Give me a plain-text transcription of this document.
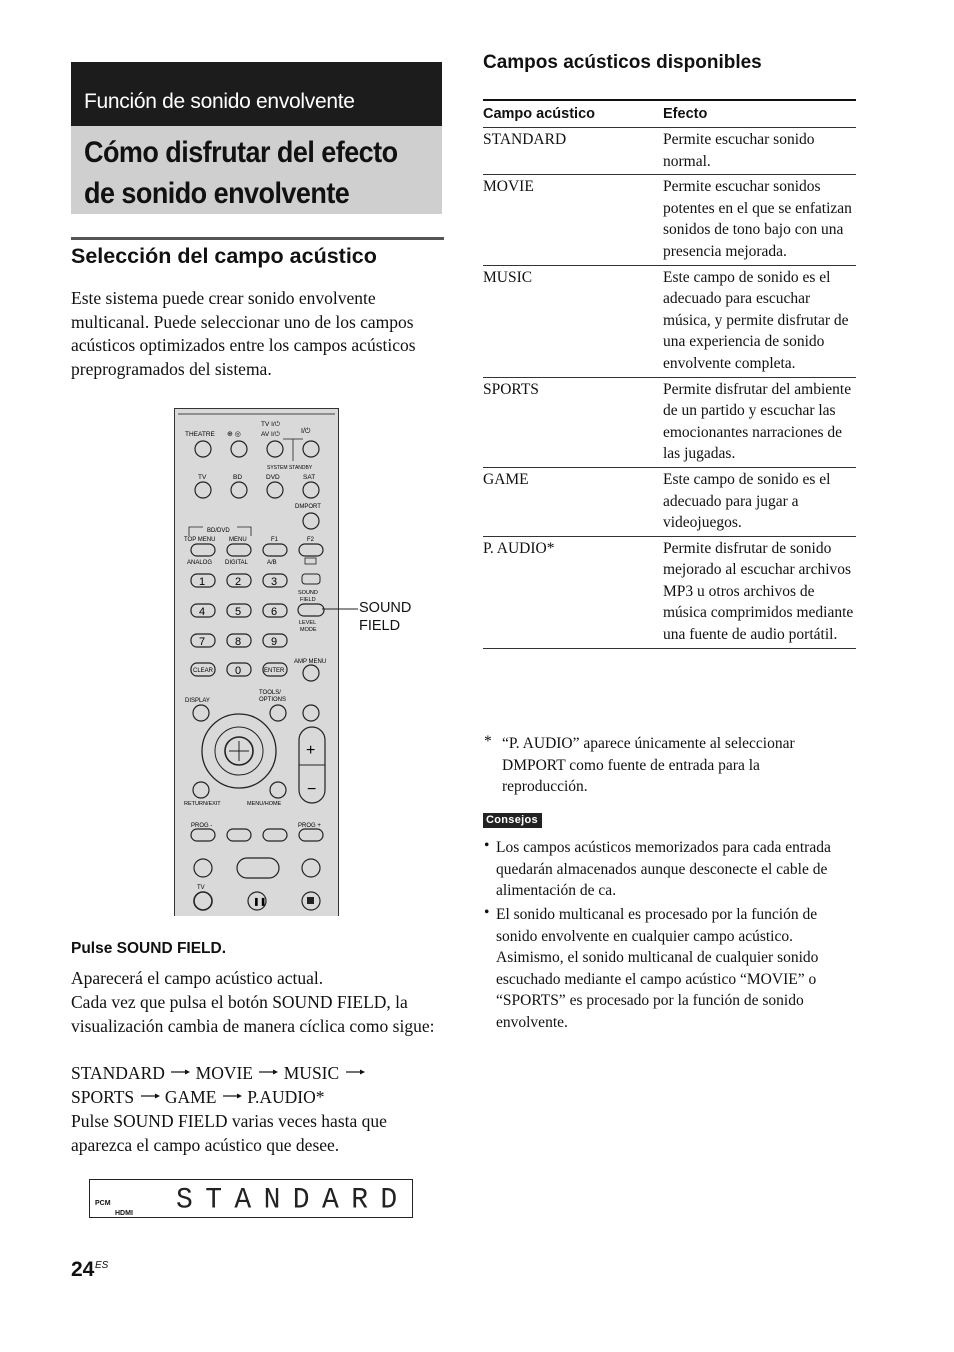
Función de sonido envolvente
Cómo disfrutar del efecto de sonido envolvente
Selección del campo acústico
Este sistema puede crear sonido envolvente multicanal. Puede seleccionar uno de los campos acústicos optimizados entre los campos acústicos preprogramados del sistema.
THEATRE ⊕ ◎
TV I/⏻
AV I/⏻	I/⏻
SYSTEM STANDBY
TV	BD	DVD	SAT
DMPORT
BD/DVD
TOP MENU MENU	F1	F2
ANALOG DIGITAL	A/B
1	2	3
4	5	6
7	8	9
SOUND
FIELD
LEVEL
MODE
CLEAR 0	ENTER
AMP MENU
DISPLAY
TOOLS/
OPTIONS
RETURN/EXIT	MENU/HOME
+
−
PROG -	PROG +
TV
❚❚
SOUND FIELD
Pulse SOUND FIELD.
Aparecerá el campo acústico actual.
Cada vez que pulsa el botón SOUND FIELD, la visualización cambia de manera cíclica como sigue:
STANDARD MOVIE MUSIC
SPORTS GAME P.AUDIO*
Pulse SOUND FIELD varias veces hasta que aparezca el campo acústico que desee.
PCM
HDMI STANDARD
24 ES
Campos acústicos disponibles
Campo acústico	Efecto
STANDARD	Permite escuchar sonido normal.
MOVIE	Permite escuchar sonidos potentes en el que se enfatizan sonidos de tono bajo con una presencia mejorada.
MUSIC	Este campo de sonido es el adecuado para escuchar música, y permite disfrutar de una experiencia de sonido envolvente completa.
SPORTS	Permite disfrutar del ambiente de un partido y escuchar las emocionantes narraciones de las jugadas.
GAME	Este campo de sonido es el adecuado para jugar a videojuegos.
P. AUDIO*	Permite disfrutar de sonido mejorado al escuchar archivos MP3 u otros archivos de música comprimidos mediante una fuente de audio portátil.
* “P. AUDIO” aparece únicamente al seleccionar DMPORT como fuente de entrada para la reproducción.
Consejos
• Los campos acústicos memorizados para cada entrada quedarán almacenados aunque desconecte el cable de alimentación de ca.
• El sonido multicanal es procesado por la función de sonido envolvente en cualquier campo acústico. Asimismo, el sonido multicanal de cualquier sonido escuchado mediante el campo acústico “MOVIE” o “SPORTS” es procesado por la función de sonido envolvente.
